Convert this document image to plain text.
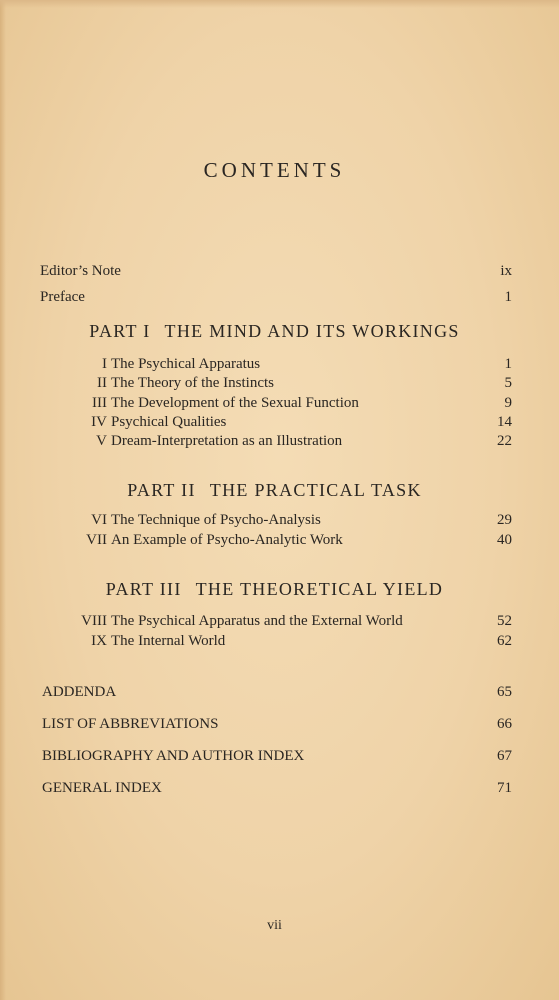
CONTENTS
Editor’s Note	ix
Preface	1
PART I THE MIND AND ITS WORKINGS
I The Psychical Apparatus	1
II The Theory of the Instincts	5
III The Development of the Sexual Function	9
IV Psychical Qualities	14
V Dream-Interpretation as an Illustration	22
PART II THE PRACTICAL TASK
VI The Technique of Psycho-Analysis	29
VII An Example of Psycho-Analytic Work	40
PART III THE THEORETICAL YIELD
VIII The Psychical Apparatus and the External World	52
IX The Internal World	62
ADDENDA	65
LIST OF ABBREVIATIONS	66
BIBLIOGRAPHY AND AUTHOR INDEX	67
GENERAL INDEX	71
vii
